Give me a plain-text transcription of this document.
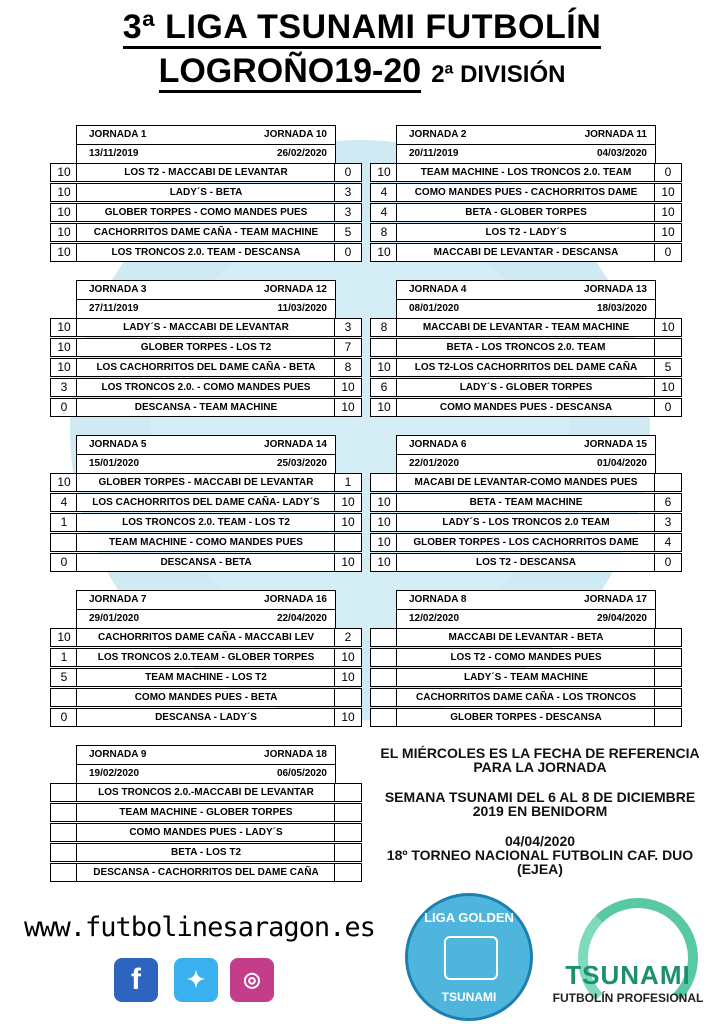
3ª LIGA TSUNAMI FUTBOLÍN
LOGROÑO19-20 2ª DIVISIÓN
JORNADA 1	JORNADA 10
13/11/2019	26/02/2020
10	LOS T2 - MACCABI DE LEVANTAR	0
10	LADY´S - BETA	3
10	GLOBER TORPES - COMO MANDES PUES	3
10	CACHORRITOS DAME CAÑA - TEAM MACHINE	5
10	LOS TRONCOS 2.0. TEAM - DESCANSA	0
JORNADA 2	JORNADA 11
20/11/2019	04/03/2020
10	TEAM MACHINE - LOS TRONCOS 2.0. TEAM	0
4	COMO MANDES PUES - CACHORRITOS DAME	10
4	BETA - GLOBER TORPES	10
8	LOS T2 - LADY´S	10
10	MACCABI DE LEVANTAR - DESCANSA	0
JORNADA 3	JORNADA 12
27/11/2019	11/03/2020
10	LADY´S - MACCABI DE LEVANTAR	3
10	GLOBER TORPES - LOS T2	7
10	LOS CACHORRITOS DEL DAME CAÑA - BETA	8
3	LOS TRONCOS 2.0. - COMO MANDES PUES	10
0	DESCANSA - TEAM MACHINE	10
JORNADA 4	JORNADA 13
08/01/2020	18/03/2020
8	MACCABI DE LEVANTAR - TEAM MACHINE	10
BETA - LOS TRONCOS 2.0. TEAM
10	LOS T2-LOS CACHORRITOS DEL DAME CAÑA	5
6	LADY´S - GLOBER TORPES	10
10	COMO MANDES PUES - DESCANSA	0
JORNADA 5	JORNADA 14
15/01/2020	25/03/2020
10	GLOBER TORPES - MACCABI DE LEVANTAR	1
4	LOS CACHORRITOS DEL DAME CAÑA- LADY´S	10
1	LOS TRONCOS 2.0. TEAM - LOS T2	10
TEAM MACHINE - COMO MANDES PUES
0	DESCANSA - BETA	10
JORNADA 6	JORNADA 15
22/01/2020	01/04/2020
MACABI DE LEVANTAR-COMO MANDES PUES
10	BETA - TEAM MACHINE	6
10	LADY´S - LOS TRONCOS 2.0 TEAM	3
10	GLOBER TORPES - LOS CACHORRITOS DAME	4
10	LOS T2 - DESCANSA	0
JORNADA 7	JORNADA 16
29/01/2020	22/04/2020
10	CACHORRITOS DAME CAÑA - MACCABI LEV	2
1	LOS TRONCOS 2.0.TEAM - GLOBER TORPES	10
5	TEAM MACHINE - LOS T2	10
COMO MANDES PUES - BETA
0	DESCANSA - LADY´S	10
JORNADA 8	JORNADA 17
12/02/2020	29/04/2020
MACCABI DE LEVANTAR - BETA
LOS T2 - COMO MANDES PUES
LADY´S - TEAM MACHINE
CACHORRITOS DAME CAÑA - LOS TRONCOS
GLOBER TORPES - DESCANSA
JORNADA 9	JORNADA 18
19/02/2020	06/05/2020
LOS TRONCOS 2.0.-MACCABI DE LEVANTAR
TEAM MACHINE - GLOBER TORPES
COMO MANDES PUES - LADY´S
BETA - LOS T2
DESCANSA - CACHORRITOS DEL DAME CAÑA
EL MIÉRCOLES ES LA FECHA DE REFERENCIA PARA LA JORNADA
SEMANA TSUNAMI DEL 6 AL 8 DE DICIEMBRE 2019 EN BENIDORM
04/04/2020
18º TORNEO NACIONAL FUTBOLIN CAF. DUO (EJEA)
www.futbolinesaragon.es
f	✦	◎
LIGA GOLDEN
TSUNAMI
TSUNAMI
FUTBOLÍN PROFESIONAL
